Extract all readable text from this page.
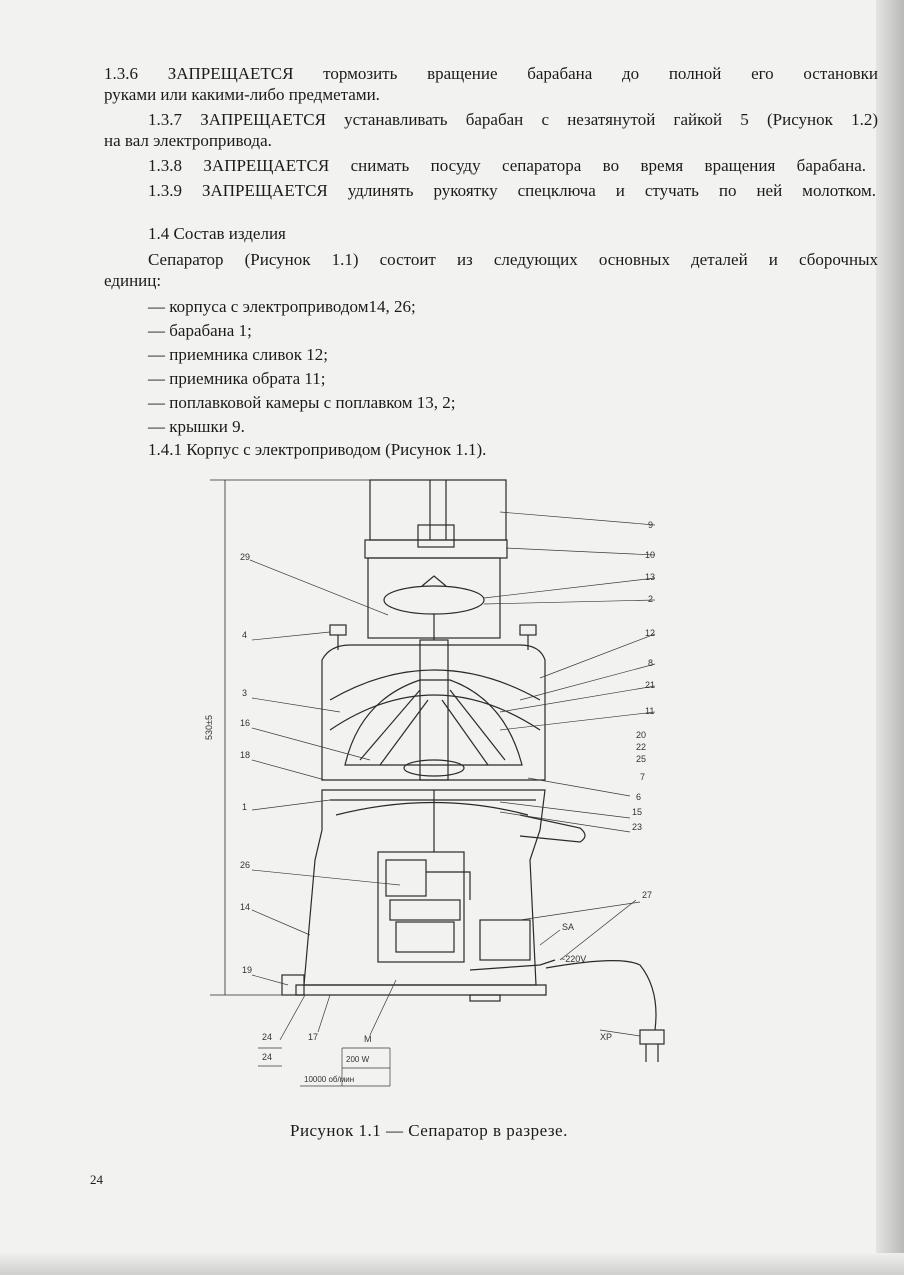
1.3.6 ЗАПРЕЩАЕТСЯ тормозить вращение барабана до полной его остановки
руками или какими-либо предметами.
1.3.7 ЗАПРЕЩАЕТСЯ устанавливать барабан с незатянутой гайкой 5 (Рисунок 1.2)
на вал электропривода.
1.3.8 ЗАПРЕЩАЕТСЯ снимать посуду сепаратора во время вращения барабана.
1.3.9 ЗАПРЕЩАЕТСЯ удлинять рукоятку спецключа и стучать по ней молотком.
1.4 Состав изделия
Сепаратор (Рисунок 1.1) состоит из следующих основных деталей и сборочных
единиц:
— корпуса с электроприводом14, 26;
— барабана 1;
— приемника сливок 12;
— приемника обрата 11;
— поплавковой камеры с поплавком 13, 2;
— крышки 9.
1.4.1 Корпус с электроприводом (Рисунок 1.1).
9
10
13
2
12
8
21
11
20
22
25
7
6
15
23
27
SA
~220V
XP
29
4
3
16
18
1
26
14
19
24
24
17	M
200 W
10000 об/мин
530±5
Рисунок 1.1 — Сепаратор в разрезе.
24
